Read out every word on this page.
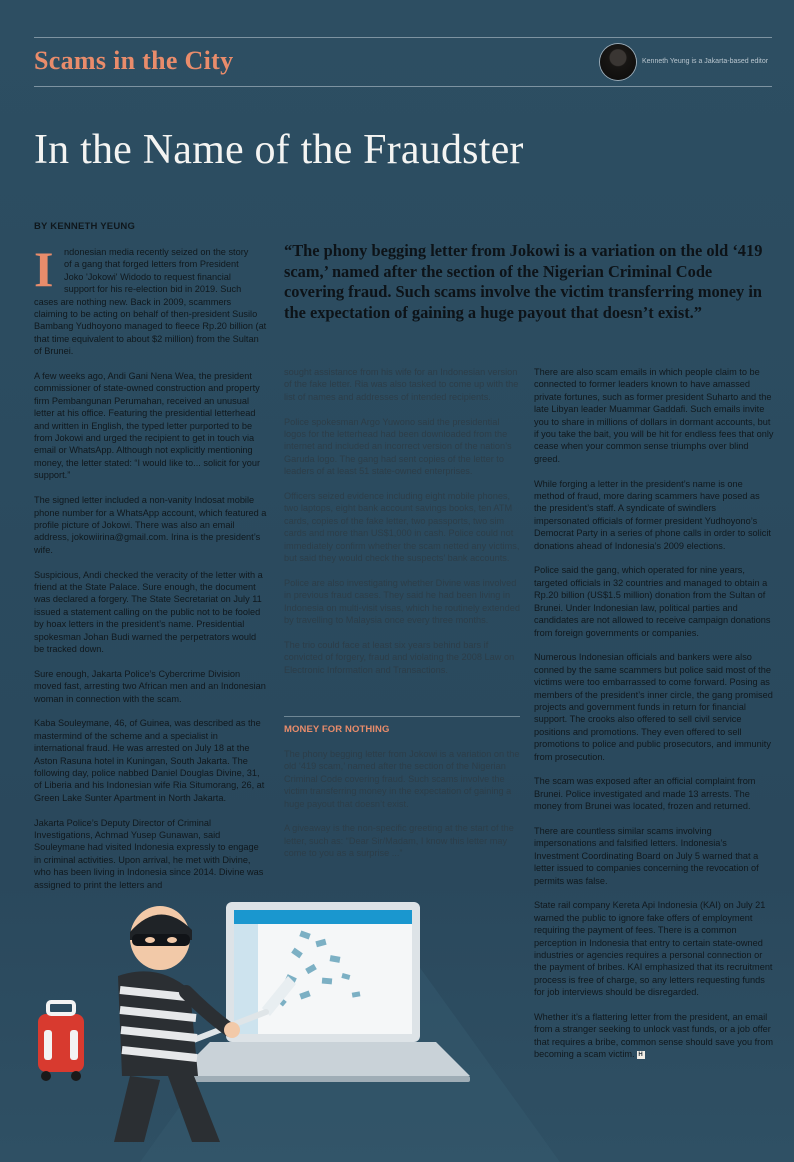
Scams in the City	Kenneth Yeung is a Jakarta-based editor
In the Name of the Fraudster
BY KENNETH YEUNG
I	ndonesian media recently seized on the story
of a gang that forged letters from President
Joko 'Jokowi' Widodo to request financial
support for his re-election bid in 2019. Such
cases are nothing new. Back in 2009, scammers claiming to be acting on behalf of then-president Susilo Bambang Yudhoyono managed to fleece Rp.20 billion (at that time equivalent to about $2 million) from the Sultan of Brunei.

A few weeks ago, Andi Gani Nena Wea, the president commissioner of state-owned construction and property firm Pembangunan Perumahan, received an unusual letter at his office. Featuring the presidential letterhead and written in English, the typed letter purported to be from Jokowi and urged the recipient to get in touch via email or WhatsApp. Although not explicitly mentioning money, the letter stated: “I would like to... solicit for your support.”

The signed letter included a non-vanity Indosat mobile phone number for a WhatsApp account, which featured a profile picture of Jokowi. There was also an email address, jokowiirina@gmail.com. Irina is the president’s wife.

Suspicious, Andi checked the veracity of the letter with a friend at the State Palace. Sure enough, the document was declared a forgery. The State Secretariat on July 11 issued a statement calling on the public not to be fooled by hoax letters in the president’s name. Presidential spokesman Johan Budi warned the perpetrators would be tracked down.

Sure enough, Jakarta Police’s Cybercrime Division moved fast, arresting two African men and an Indonesian woman in connection with the scam.

Kaba Souleymane, 46, of Guinea, was described as the mastermind of the scheme and a specialist in international fraud. He was arrested on July 18 at the Aston Rasuna hotel in Kuningan, South Jakarta. The following day, police nabbed Daniel Douglas Divine, 31, of Liberia and his Indonesian wife Ria Situmorang, 26, at Green Lake Sunter Apartment in North Jakarta.

Jakarta Police’s Deputy Director of Criminal Investigations, Achmad Yusep Gunawan, said Souleymane had visited Indonesia expressly to engage in criminal activities. Upon arrival, he met with Divine, who has been living in Indonesia since 2014. Divine was assigned to print the letters and

“The phony begging letter from Jokowi is a variation on the old ‘419 scam,’ named after the section of the Nigerian Criminal Code covering fraud. Such scams involve the victim transferring money in the expectation of gaining a huge payout that doesn’t exist.”

sought assistance from his wife for an Indonesian version of the fake letter. Ria was also tasked to come up with the list of names and addresses of intended recipients.

Police spokesman Argo Yuwono said the presidential logos for the letterhead had been downloaded from the internet and included an incorrect version of the nation’s Garuda logo. The gang had sent copies of the letter to leaders of at least 51 state-owned enterprises.

Officers seized evidence including eight mobile phones, two laptops, eight bank account savings books, ten ATM cards, copies of the fake letter, two passports, two sim cards and more than US$1,000 in cash. Police could not immediately confirm whether the scam netted any victims, but said they would check the suspects’ bank accounts.

Police are also investigating whether Divine was involved in previous fraud cases. They said he had been living in Indonesia on multi-visit visas, which he routinely extended by travelling to Malaysia once every three months.

The trio could face at least six years behind bars if convicted of forgery, fraud and violating the 2008 Law on Electronic Information and Transactions.

MONEY FOR NOTHING

The phony begging letter from Jokowi is a variation on the old ‘419 scam,’ named after the section of the Nigerian Criminal Code covering fraud. Such scams involve the victim transferring money in the expectation of gaining a huge payout that doesn’t exist.

A giveaway is the non-specific greeting at the start of the letter, such as: “Dear Sir/Madam, I know this letter may come to you as a surprise ...”

There are also scam emails in which people claim to be connected to former leaders known to have amassed private fortunes, such as former president Suharto and the late Libyan leader Muammar Gaddafi. Such emails invite you to share in millions of dollars in dormant accounts, but if you take the bait, you will be hit for endless fees that only cease when your common sense triumphs over blind greed.

While forging a letter in the president’s name is one method of fraud, more daring scammers have posed as the president’s staff. A syndicate of swindlers impersonated officials of former president Yudhoyono’s Democrat Party in a series of phone calls in order to solicit donations ahead of Indonesia’s 2009 elections.

Police said the gang, which operated for nine years, targeted officials in 32 countries and managed to obtain a Rp.20 billion (US$1.5 million) donation from the Sultan of Brunei. Under Indonesian law, political parties and candidates are not allowed to receive campaign donations from foreign governments or companies.

Numerous Indonesian officials and bankers were also conned by the same scammers but police said most of the victims were too embarrassed to come forward. Posing as members of the president’s inner circle, the gang promised projects and government funds in return for financial support. The crooks also offered to sell civil service positions and promotions. They even offered to sell promotions to police and public prosecutors, and immunity from prosecution.

The scam was exposed after an official complaint from Brunei. Police investigated and made 13 arrests. The money from Brunei was located, frozen and returned.

There are countless similar scams involving impersonations and falsified letters. Indonesia’s Investment Coordinating Board on July 5 warned that a letter issued to companies concerning the revocation of permits was false.

State rail company Kereta Api Indonesia (KAI) on July 21 warned the public to ignore fake offers of employment requiring the payment of fees. There is a common perception in Indonesia that entry to certain state-owned industries or agencies requires a personal connection or the payment of bribes. KAI emphasized that its recruitment process is free of charge, so any letters requesting funds for job interviews should be disregarded.

Whether it’s a flattering letter from the president, an email from a stranger seeking to unlock vast funds, or a job offer that requires a bribe, common sense should save you from becoming a scam victim. H
